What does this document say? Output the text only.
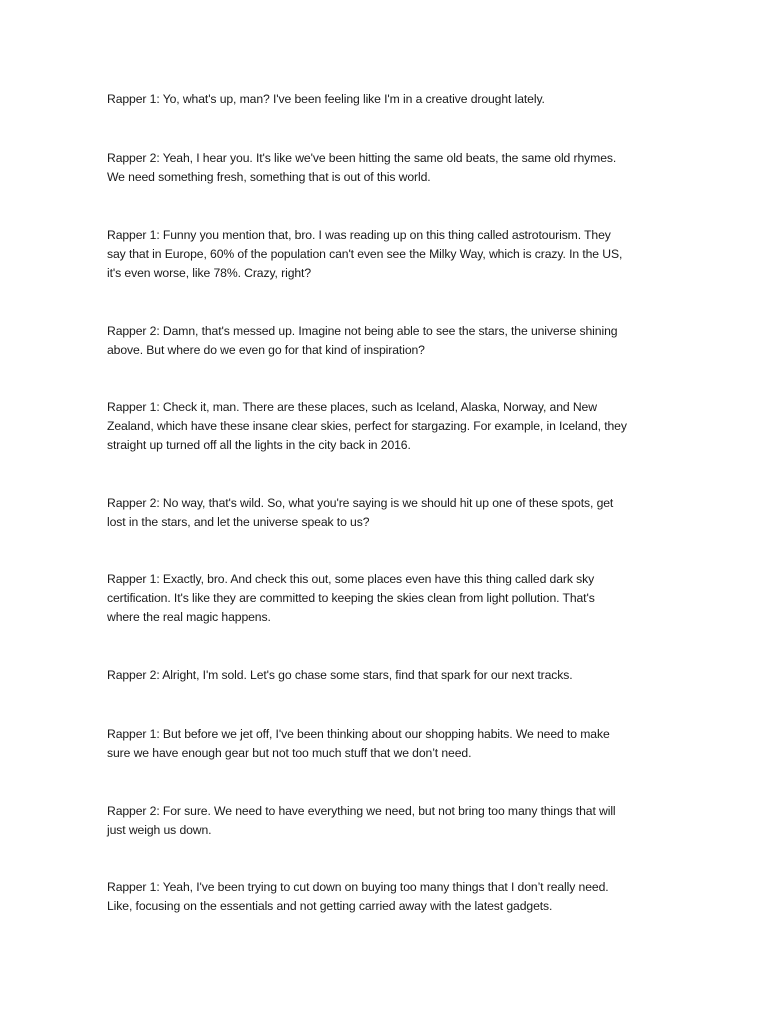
Rapper 1: Yo, what's up, man? I've been feeling like I'm in a creative drought lately.
Rapper 2: Yeah, I hear you. It's like we've been hitting the same old beats, the same old rhymes.
We need something fresh, something that is out of this world.
Rapper 1: Funny you mention that, bro. I was reading up on this thing called astrotourism. They
say that in Europe, 60% of the population can't even see the Milky Way, which is crazy. In the US,
it's even worse, like 78%. Crazy, right?
Rapper 2: Damn, that's messed up. Imagine not being able to see the stars, the universe shining
above. But where do we even go for that kind of inspiration?
Rapper 1: Check it, man. There are these places, such as Iceland, Alaska, Norway, and New
Zealand, which have these insane clear skies, perfect for stargazing. For example, in Iceland, they
straight up turned off all the lights in the city back in 2016.
Rapper 2: No way, that's wild. So, what you're saying is we should hit up one of these spots, get
lost in the stars, and let the universe speak to us?
Rapper 1: Exactly, bro. And check this out, some places even have this thing called dark sky
certification. It's like they are committed to keeping the skies clean from light pollution. That's
where the real magic happens.
Rapper 2: Alright, I'm sold. Let's go chase some stars, find that spark for our next tracks.
Rapper 1: But before we jet off, I've been thinking about our shopping habits. We need to make
sure we have enough gear but not too much stuff that we don’t need.
Rapper 2: For sure. We need to have everything we need, but not bring too many things that will
just weigh us down.
Rapper 1: Yeah, I've been trying to cut down on buying too many things that I don’t really need.
Like, focusing on the essentials and not getting carried away with the latest gadgets.
